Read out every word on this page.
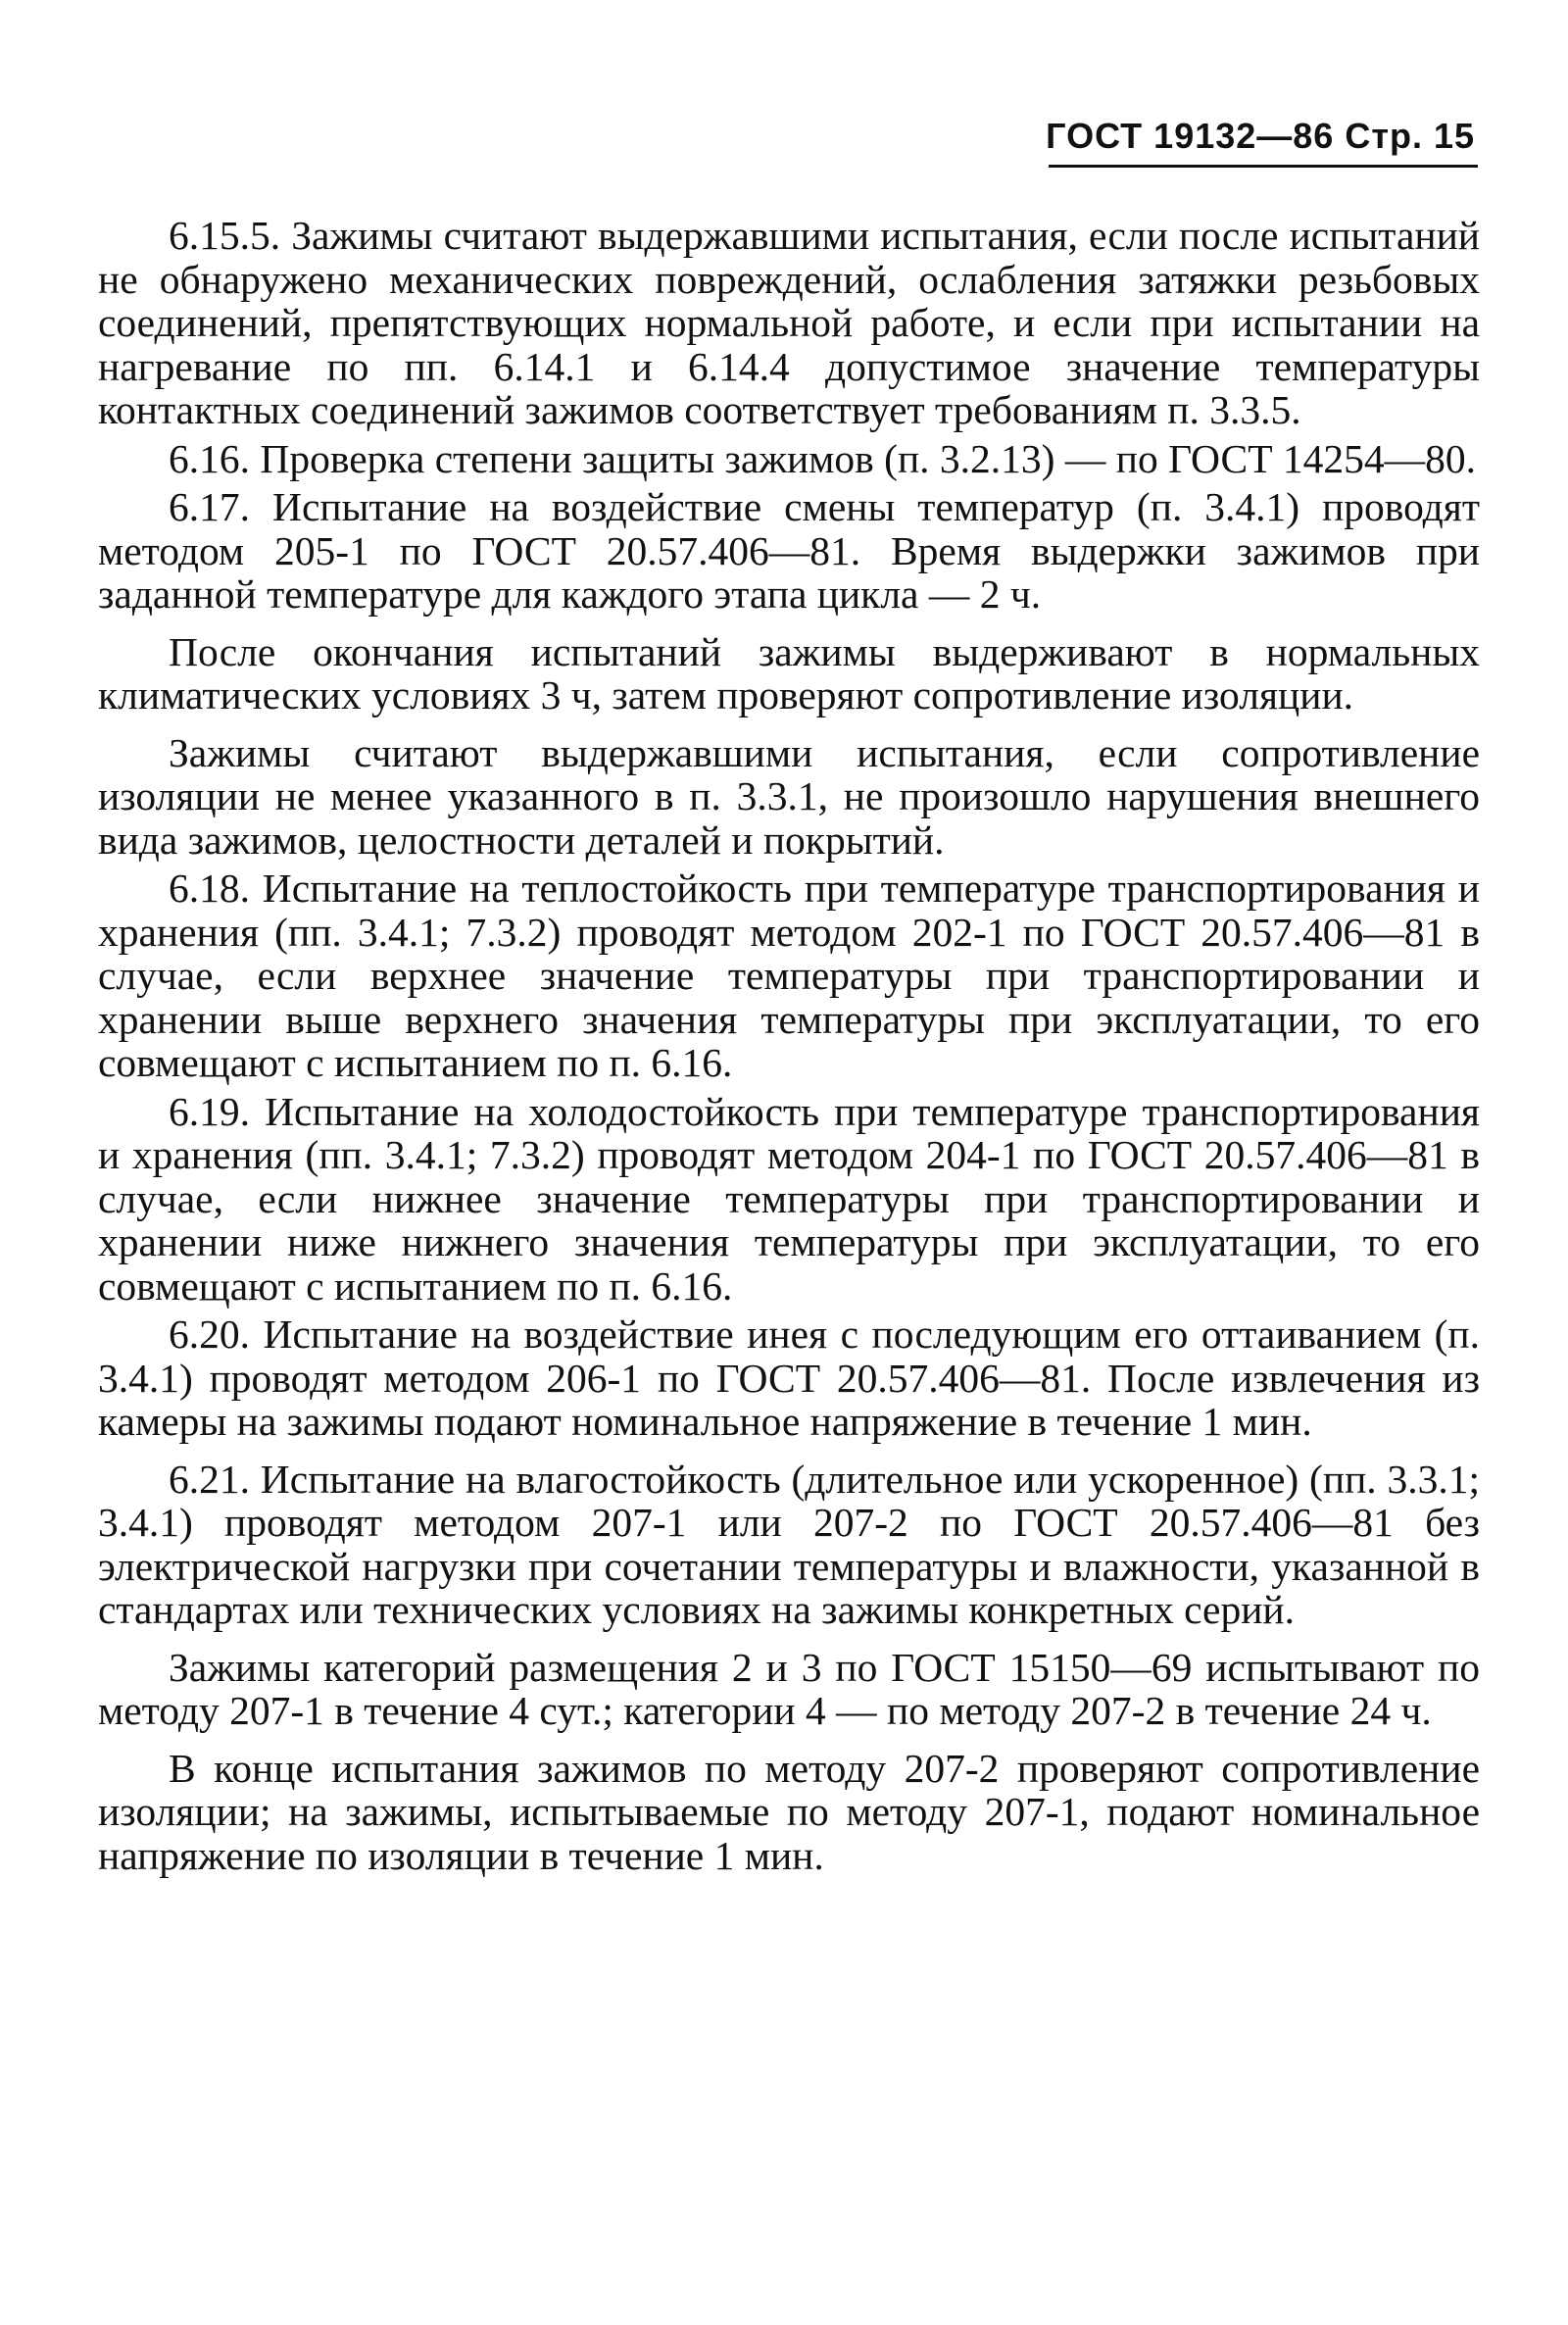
ГОСТ 19132—86 Стр. 15

6.15.5. Зажимы считают выдержавшими испытания, если после испытаний не обнаружено механических повреждений, ослабления затяжки резьбовых соединений, препятствующих нормальной работе, и если при испытании на нагревание по пп. 6.14.1 и 6.14.4 допустимое значение температуры контактных соединений зажимов соответствует требованиям п. 3.3.5.

6.16. Проверка степени защиты зажимов (п. 3.2.13) — по ГОСТ 14254—80.

6.17. Испытание на воздействие смены температур (п. 3.4.1) проводят методом 205-1 по ГОСТ 20.57.406—81. Время выдержки зажимов при заданной температуре для каждого этапа цикла — 2 ч.

После окончания испытаний зажимы выдерживают в нормальных климатических условиях 3 ч, затем проверяют сопротивление изоляции.

Зажимы считают выдержавшими испытания, если сопротивление изоляции не менее указанного в п. 3.3.1, не произошло нарушения внешнего вида зажимов, целостности деталей и покрытий.

6.18. Испытание на теплостойкость при температуре транспортирования и хранения (пп. 3.4.1; 7.3.2) проводят методом 202-1 по ГОСТ 20.57.406—81 в случае, если верхнее значение температуры при транспортировании и хранении выше верхнего значения температуры при эксплуатации, то его совмещают с испытанием по п. 6.16.

6.19. Испытание на холодостойкость при температуре транспортирования и хранения (пп. 3.4.1; 7.3.2) проводят методом 204-1 по ГОСТ 20.57.406—81 в случае, если нижнее значение температуры при транспортировании и хранении ниже нижнего значения температуры при эксплуатации, то его совмещают с испытанием по п. 6.16.

6.20. Испытание на воздействие инея с последующим его оттаиванием (п. 3.4.1) проводят методом 206-1 по ГОСТ 20.57.406—81. После извлечения из камеры на зажимы подают номинальное напряжение в течение 1 мин.

6.21. Испытание на влагостойкость (длительное или ускоренное) (пп. 3.3.1; 3.4.1) проводят методом 207-1 или 207-2 по ГОСТ 20.57.406—81 без электрической нагрузки при сочетании температуры и влажности, указанной в стандартах или технических условиях на зажимы конкретных серий.

Зажимы категорий размещения 2 и 3 по ГОСТ 15150—69 испытывают по методу 207-1 в течение 4 сут.; категории 4 — по методу 207-2 в течение 24 ч.

В конце испытания зажимов по методу 207-2 проверяют сопротивление изоляции; на зажимы, испытываемые по методу 207-1, подают номинальное напряжение по изоляции в течение 1 мин.
